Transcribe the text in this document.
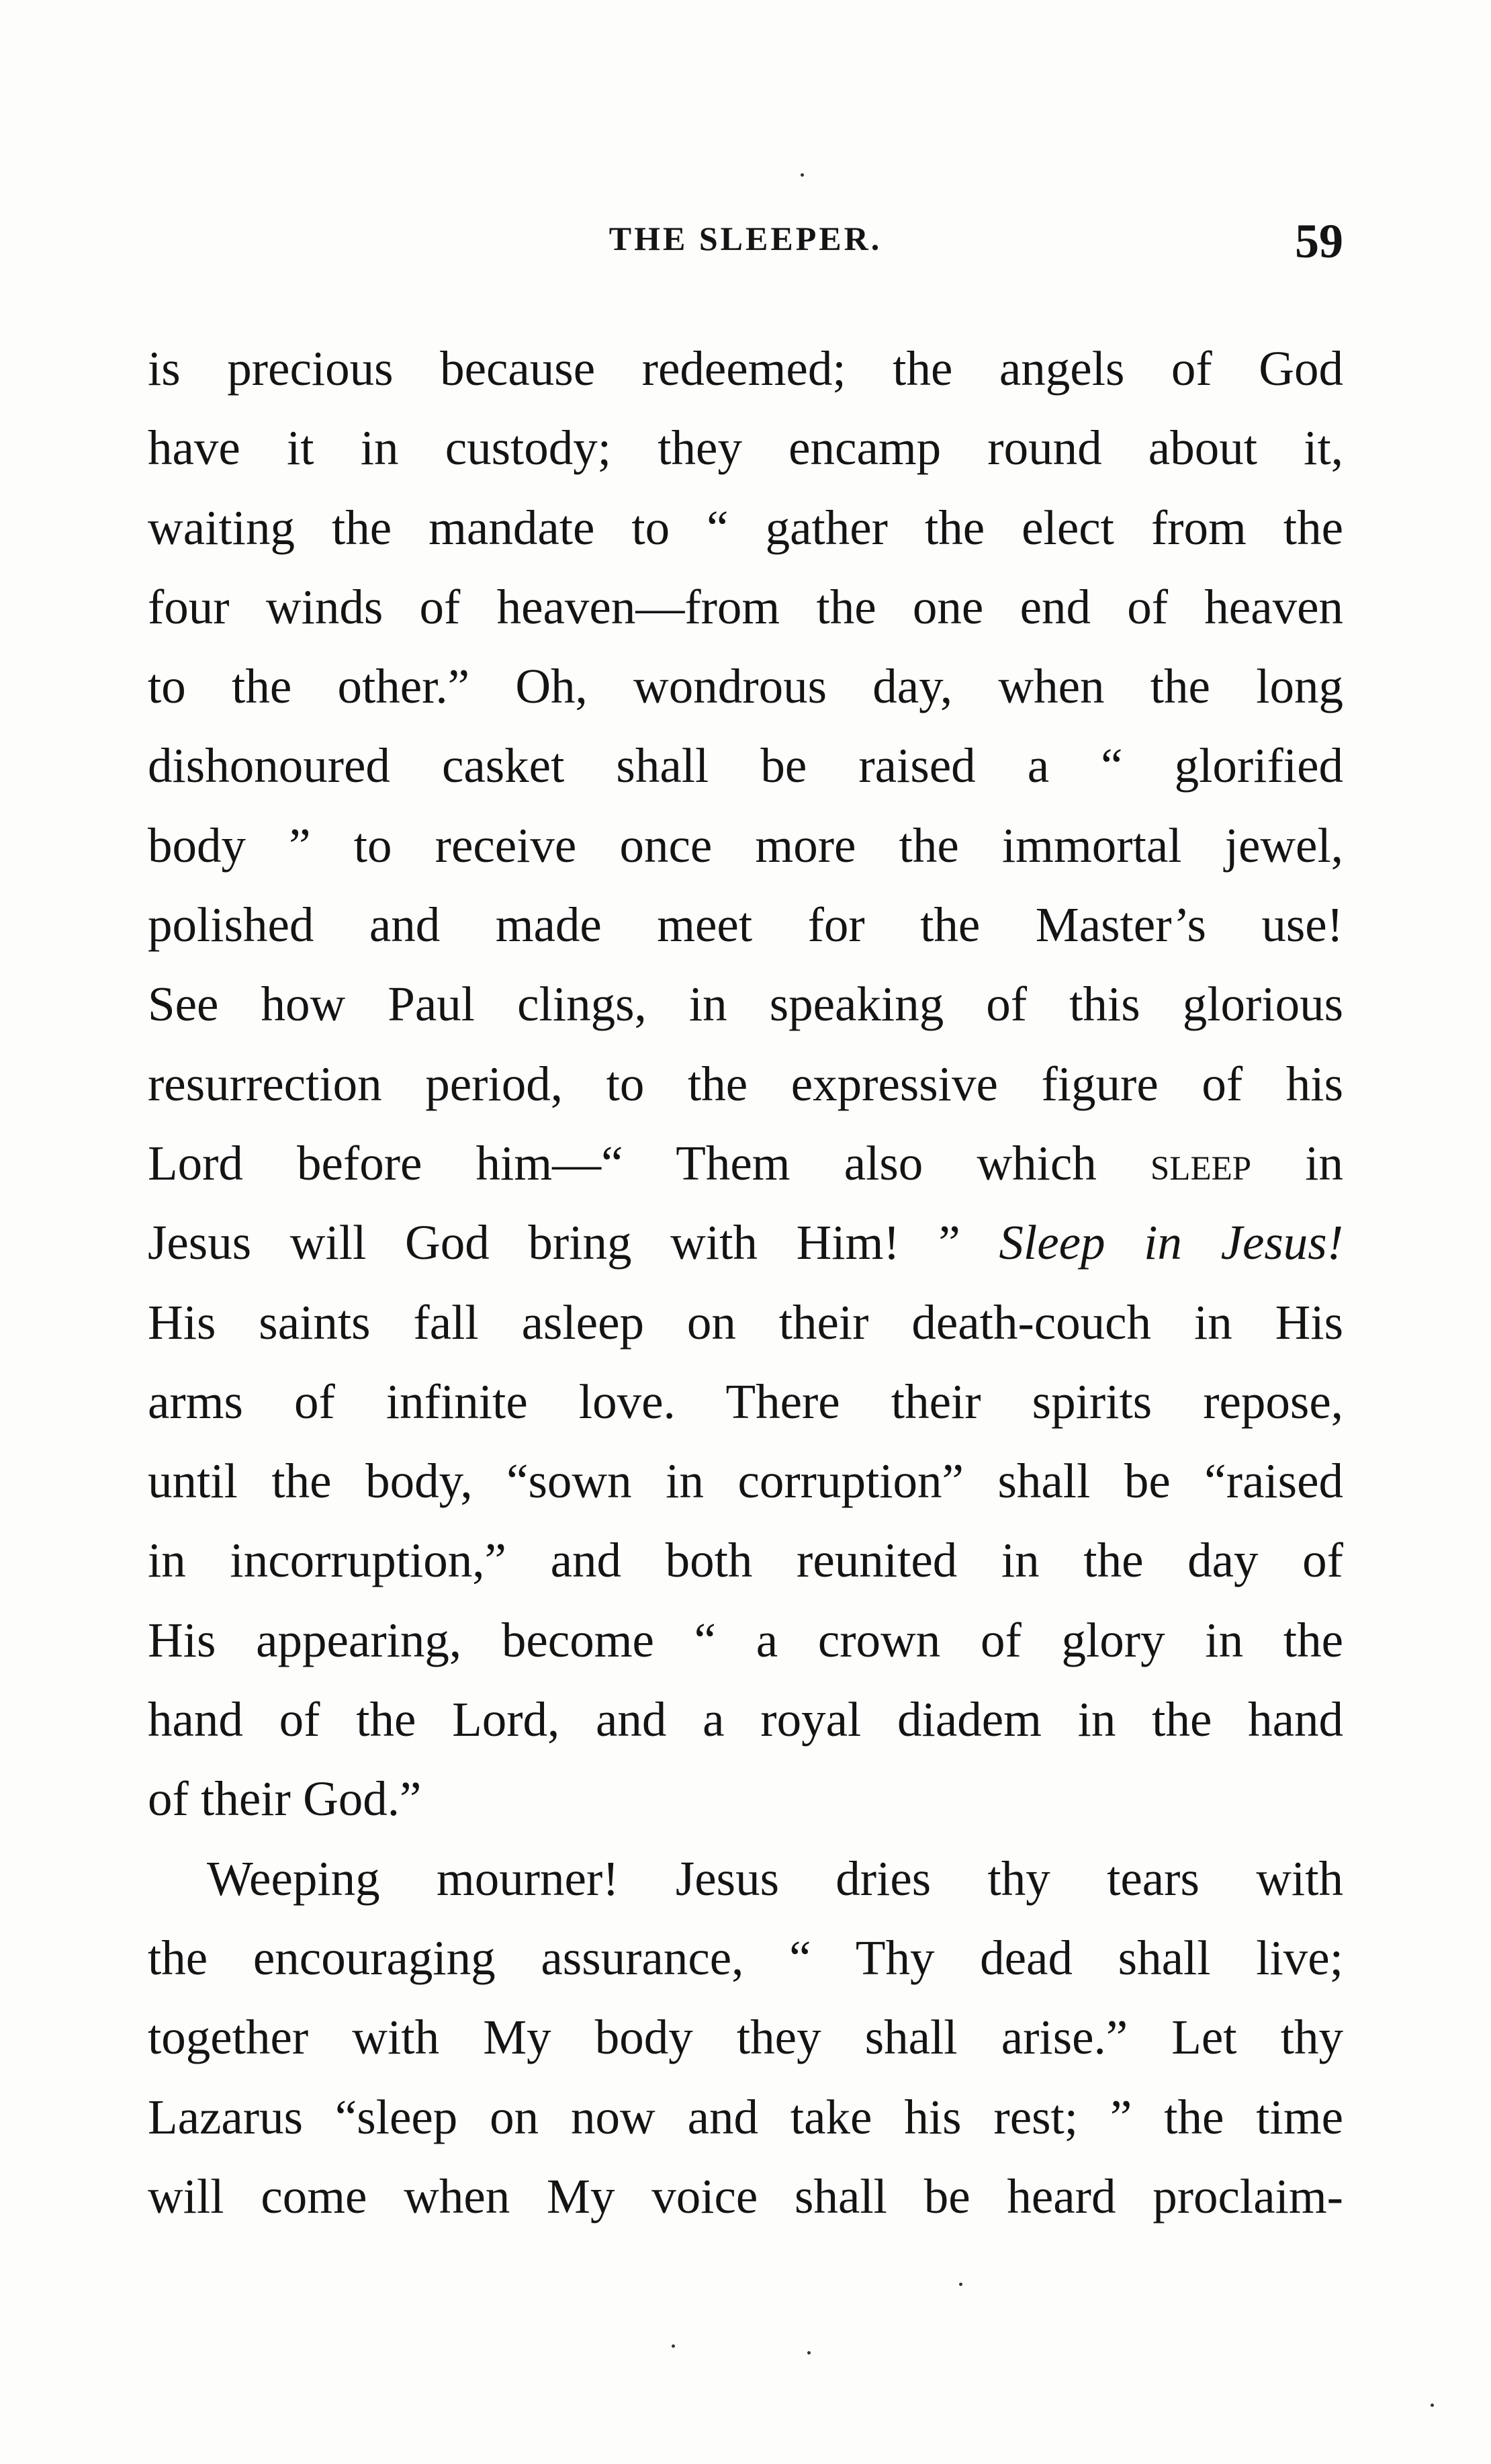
THE SLEEPER.	59
is precious because redeemed; the angels of God
have it in custody; they encamp round about it,
waiting the mandate to “ gather the elect from the
four winds of heaven—from the one end of heaven
to the other.” Oh, wondrous day, when the long
dishonoured casket shall be raised a “ glorified
body ” to receive once more the immortal jewel,
polished and made meet for the Master’s use!
See how Paul clings, in speaking of this glorious
resurrection period, to the expressive figure of his
Lord before him—“ Them also which sleep in
Jesus will God bring with Him! ” Sleep in Jesus!
His saints fall asleep on their death-couch in His
arms of infinite love. There their spirits repose,
until the body, “sown in corruption” shall be “raised
in incorruption,” and both reunited in the day of
His appearing, become “ a crown of glory in the
hand of the Lord, and a royal diadem in the hand
of their God.”
Weeping mourner! Jesus dries thy tears with
the encouraging assurance, “ Thy dead shall live;
together with My body they shall arise.” Let thy
Lazarus “sleep on now and take his rest; ” the time
will come when My voice shall be heard proclaim-
